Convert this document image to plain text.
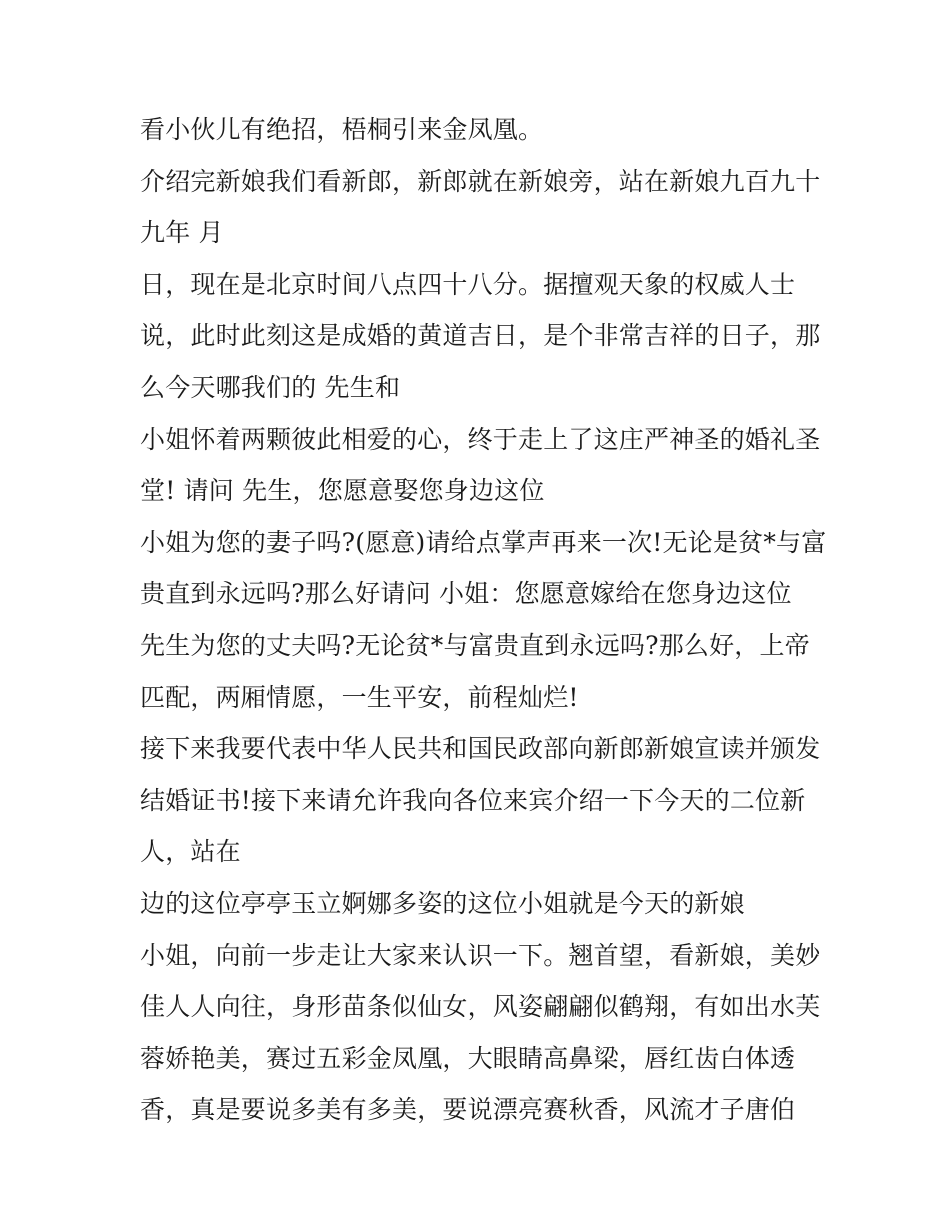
看小伙儿有绝招，梧桐引来金凤凰。
介绍完新娘我们看新郎，新郎就在新娘旁，站在新娘九百九十
九年 月
日，现在是北京时间八点四十八分。据擅观天象的权威人士
说，此时此刻这是成婚的黄道吉日，是个非常吉祥的日子，那
么今天哪我们的 先生和
小姐怀着两颗彼此相爱的心，终于走上了这庄严神圣的婚礼圣
堂! 请问 先生，您愿意娶您身边这位
小姐为您的妻子吗?(愿意)请给点掌声再来一次!无论是贫*与富
贵直到永远吗?那么好请问 小姐：您愿意嫁给在您身边这位
先生为您的丈夫吗?无论贫*与富贵直到永远吗?那么好，上帝
匹配，两厢情愿，一生平安，前程灿烂!
接下来我要代表中华人民共和国民政部向新郎新娘宣读并颁发
结婚证书!接下来请允许我向各位来宾介绍一下今天的二位新
人，站在
边的这位亭亭玉立婀娜多姿的这位小姐就是今天的新娘
小姐，向前一步走让大家来认识一下。翘首望，看新娘，美妙
佳人人向往，身形苗条似仙女，风姿翩翩似鹤翔，有如出水芙
蓉娇艳美，赛过五彩金凤凰，大眼睛高鼻梁，唇红齿白体透
香，真是要说多美有多美，要说漂亮赛秋香，风流才子唐伯
